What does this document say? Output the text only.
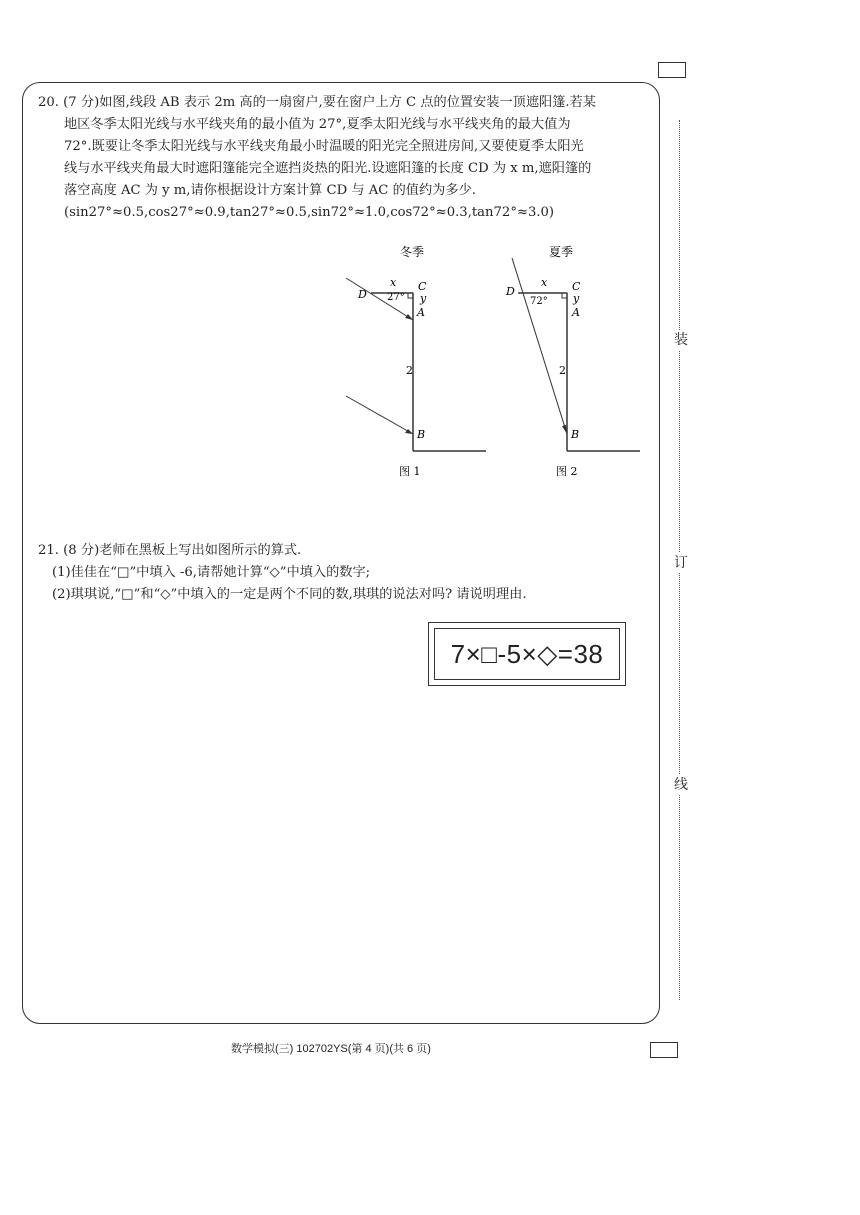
装
订
线

20. (7 分)如图,线段 AB 表示 2m 高的一扇窗户,要在窗户上方 C 点的位置安装一顶遮阳篷.若某

地区冬季太阳光线与水平线夹角的最小值为 27°,夏季太阳光线与水平线夹角的最大值为

72°.既要让冬季太阳光线与水平线夹角最小时温暖的阳光完全照进房间,又要使夏季太阳光

线与水平线夹角最大时遮阳篷能完全遮挡炎热的阳光.设遮阳篷的长度 CD 为 x m,遮阳篷的

落空高度 AC 为 y m,请你根据设计方案计算 CD 与 AC 的值约为多少.

(sin27°≈0.5,cos27°≈0.9,tan27°≈0.5,sin72°≈1.0,cos72°≈0.3,tan72°≈3.0)

冬季
x C
D 27° y
A
2
B
图 1
夏季
x C
D
72° y
A
2
B
图 2

21. (8 分)老师在黑板上写出如图所示的算式.

(1)佳佳在“□”中填入 -6,请帮她计算“◇”中填入的数字;

(2)琪琪说,“□”和“◇”中填入的一定是两个不同的数,琪琪的说法对吗? 请说明理由.

7×□-5×◇=38
数学模拟(三) 102702YS(第 4 页)(共 6 页)
